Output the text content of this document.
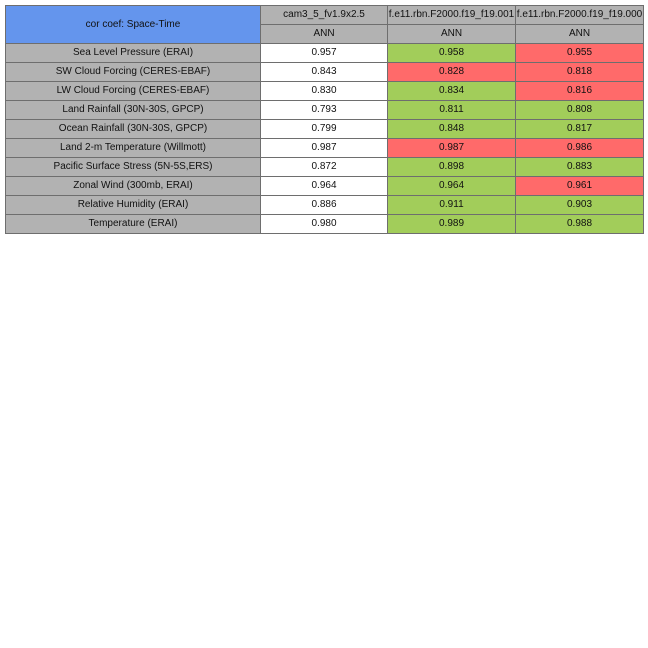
cor coef: Space-Time	cam3_5_fv1.9x2.5	f.e11.rbn.F2000.f19_f19.001	f.e11.rbn.F2000.f19_f19.000

	ANN	ANN	ANN
Sea Level Pressure (ERAI)	0.957	0.958	0.955
SW Cloud Forcing (CERES-EBAF)	0.843	0.828	0.818
LW Cloud Forcing (CERES-EBAF)	0.830	0.834	0.816
Land Rainfall (30N-30S, GPCP)	0.793	0.811	0.808
Ocean Rainfall (30N-30S, GPCP)	0.799	0.848	0.817
Land 2-m Temperature (Willmott)	0.987	0.987	0.986
Pacific Surface Stress (5N-5S,ERS)	0.872	0.898	0.883
Zonal Wind (300mb, ERAI)	0.964	0.964	0.961
Relative Humidity (ERAI)	0.886	0.911	0.903
Temperature (ERAI)	0.980	0.989	0.988
